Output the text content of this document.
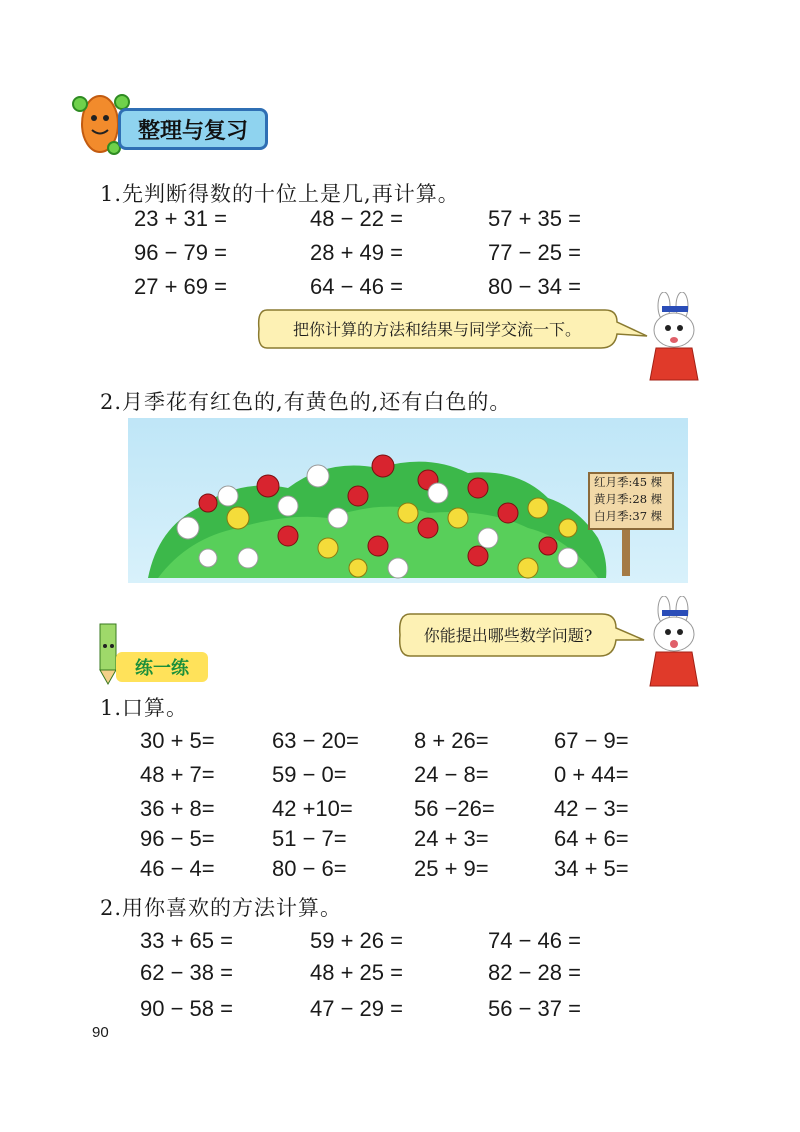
整理与复习
1.先判断得数的十位上是几,再计算。
23 + 31 =	48 − 22 =	57 + 35 =
96 − 79 =	28 + 49 =	77 − 25 =
27 + 69 =	64 − 46 =	80 − 34 =
把你计算的方法和结果与同学交流一下。
2.月季花有红色的,有黄色的,还有白色的。
红月季:45 棵
黄月季:28 棵
白月季:37 棵
你能提出哪些数学问题?
练一练
1.口算。
30 + 5=	63 − 20=	8 + 26=	67 − 9=
48 + 7=	59 − 0=	24 − 8=	0 + 44=
36 + 8=	42 +10=	56 −26=	42 − 3=
96 − 5=	51 − 7=	24 + 3=	64 + 6=
46 − 4=	80 − 6=	25 + 9=	34 + 5=
2.用你喜欢的方法计算。
33 + 65 =	59 + 26 =	74 − 46 =
62 − 38 =	48 + 25 =	82 − 28 =
90 − 58 =	47 − 29 =	56 − 37 =
90
